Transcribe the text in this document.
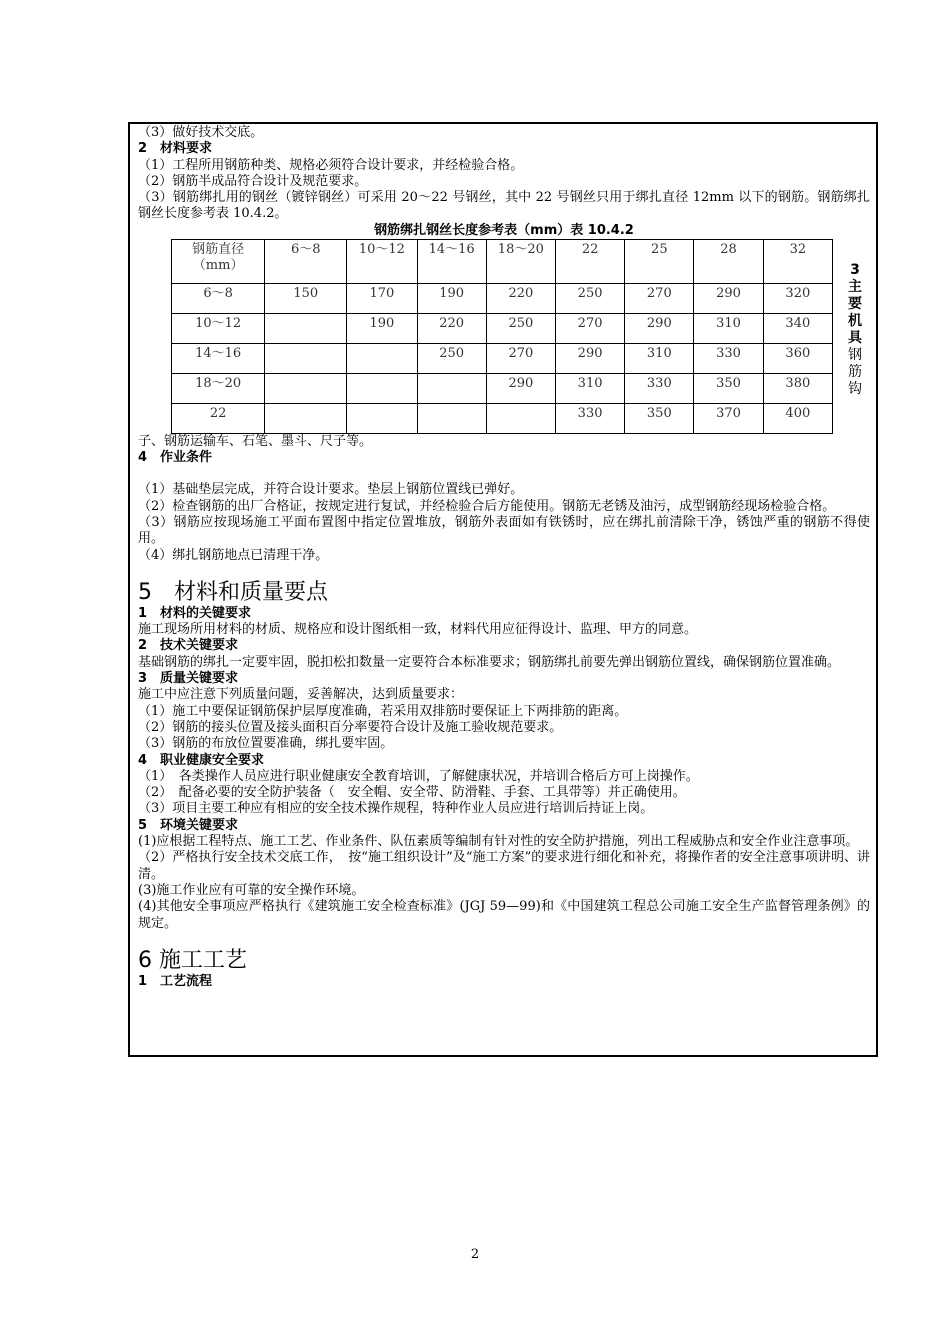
（3）做好技术交底。

2　材料要求

（1）工程所用钢筋种类、规格必须符合设计要求，并经检验合格。

（2）钢筋半成品符合设计及规范要求。

（3）钢筋绑扎用的钢丝（镀锌钢丝）可采用 20～22 号钢丝，其中 22 号钢丝只用于绑扎直径 12mm 以下的钢筋。钢筋绑扎钢丝长度参考表 10.4.2。

钢筋绑扎钢丝长度参考表（mm）表 10.4.2

钢筋直径（mm）	6～8	10～12	14～16	18～20	22	25	28	32
6～8	150	170	190	220	250	270	290	320
10～12		190	220	250	270	290	310	340
14～16			250	270	290	310	330	360
18～20				290	310	330	350	380
22					330	350	370	400

子、钢筋运输车、石笔、墨斗、尺子等。

4　作业条件

（1）基础垫层完成，并符合设计要求。垫层上钢筋位置线已弹好。

（2）检查钢筋的出厂合格证，按规定进行复试，并经检验合后方能使用。钢筋无老锈及油污，成型钢筋经现场检验合格。

（3）钢筋应按现场施工平面布置图中指定位置堆放，钢筋外表面如有铁锈时，应在绑扎前清除干净，锈蚀严重的钢筋不得使用。

（4）绑扎钢筋地点已清理干净。

5　材料和质量要点

1　材料的关键要求

施工现场所用材料的材质、规格应和设计图纸相一致，材料代用应征得设计、监理、甲方的同意。

2　技术关键要求

基础钢筋的绑扎一定要牢固，脱扣松扣数量一定要符合本标准要求；钢筋绑扎前要先弹出钢筋位置线，确保钢筋位置准确。

3　质量关键要求

施工中应注意下列质量问题，妥善解决，达到质量要求：

（1）施工中要保证钢筋保护层厚度准确，若采用双排筋时要保证上下两排筋的距离。

（2）钢筋的接头位置及接头面积百分率要符合设计及施工验收规范要求。

（3）钢筋的布放位置要准确，绑扎要牢固。

4　职业健康安全要求

（1）　各类操作人员应进行职业健康安全教育培训，了解健康状况，并培训合格后方可上岗操作。

（2）　配备必要的安全防护装备（　安全帽、安全带、防滑鞋、手套、工具带等）并正确使用。

（3）项目主要工种应有相应的安全技术操作规程，特种作业人员应进行培训后持证上岗。

5　环境关键要求

(1)应根据工程特点、施工工艺、作业条件、队伍素质等编制有针对性的安全防护措施，列出工程威胁点和安全作业注意事项。

（2）严格执行安全技术交底工作，　按“施工组织设计”及“施工方案”的要求进行细化和补充，将操作者的安全注意事项讲明、讲清。

(3)施工作业应有可靠的安全操作环境。

(4)其他安全事项应严格执行《建筑施工安全检查标准》(JGJ 59—99)和《中国建筑工程总公司施工安全生产监督管理条例》的规定。

6 施工工艺

1　工艺流程

3
主
要
机
具
钢
筋
钩
2
